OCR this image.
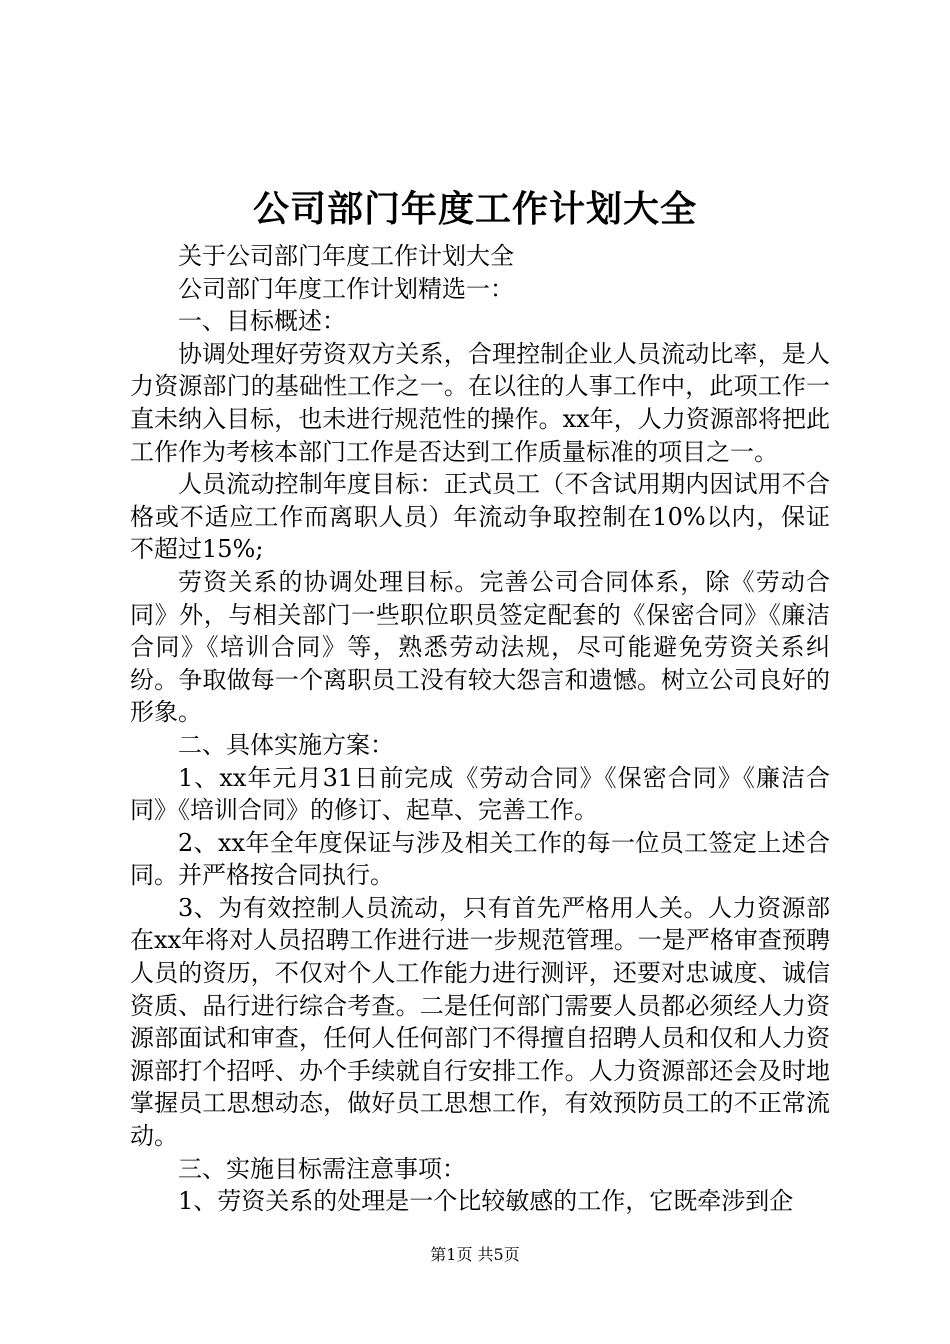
公司部门年度工作计划大全

关于公司部门年度工作计划大全

公司部门年度工作计划精选一：

一、目标概述：

协调处理好劳资双方关系，合理控制企业人员流动比率，是人力资源部门的基础性工作之一。在以往的人事工作中，此项工作一直未纳入目标，也未进行规范性的操作。xx年，人力资源部将把此工作作为考核本部门工作是否达到工作质量标准的项目之一。

人员流动控制年度目标：正式员工（不含试用期内因试用不合格或不适应工作而离职人员）年流动争取控制在10%以内，保证不超过15%;

劳资关系的协调处理目标。完善公司合同体系，除《劳动合同》外，与相关部门一些职位职员签定配套的《保密合同》《廉洁合同》《培训合同》等，熟悉劳动法规，尽可能避免劳资关系纠纷。争取做每一个离职员工没有较大怨言和遗憾。树立公司良好的形象。

二、具体实施方案：

1、xx年元月31日前完成《劳动合同》《保密合同》《廉洁合同》《培训合同》的修订、起草、完善工作。

2、xx年全年度保证与涉及相关工作的每一位员工签定上述合同。并严格按合同执行。

3、为有效控制人员流动，只有首先严格用人关。人力资源部在xx年将对人员招聘工作进行进一步规范管理。一是严格审查预聘人员的资历，不仅对个人工作能力进行测评，还要对忠诚度、诚信资质、品行进行综合考查。二是任何部门需要人员都必须经人力资源部面试和审查，任何人任何部门不得擅自招聘人员和仅和人力资源部打个招呼、办个手续就自行安排工作。人力资源部还会及时地掌握员工思想动态，做好员工思想工作，有效预防员工的不正常流动。

三、实施目标需注意事项：

1、劳资关系的处理是一个比较敏感的工作，它既牵涉到企

第1页 共5页
